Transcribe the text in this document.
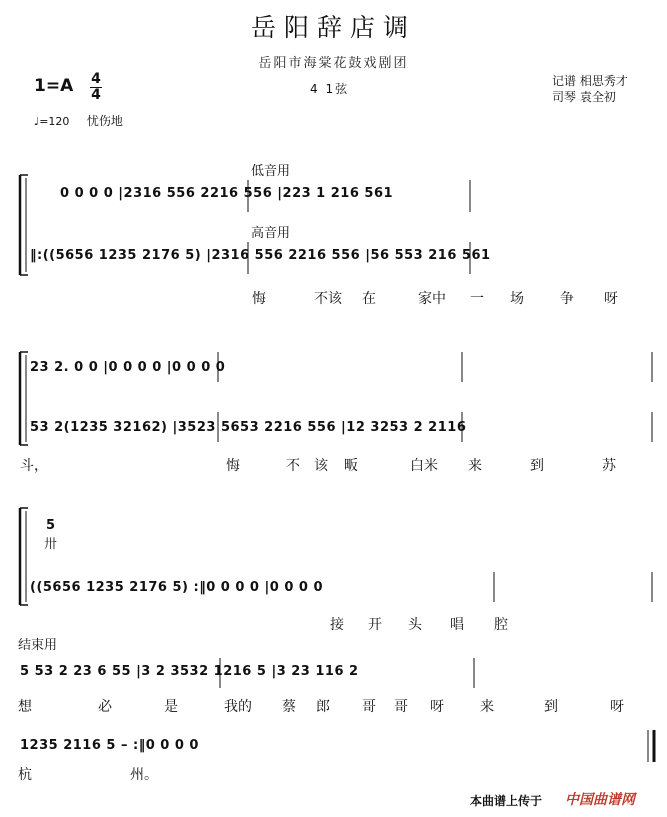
岳阳辞店调
岳阳市海棠花鼓戏剧团
1=A 4
4	4 1弦
记谱 相思秀才
司琴 袁全初
♩=120 忧伤地
低音用
0 0 0 0 |2316 556 2216 556 |223 1 216 561
高音用
‖:((5656 1235 2176 5) |2316 556 2216 556 |56 553 216 561
悔	不该 在	家中 一 场	争 呀
23 2. 0 0 |0 0 0 0 |0 0 0 0
53 2(1235 32162) |3523 5653 2216 556 |12 3253 2 2116
斗，	悔	不 该 畈	白米 来	到	苏
5
卅
((5656 1235 2176 5) :‖0 0 0 0 |0 0 0 0
接 开 头 唱 腔
结束用
5 53 2 23 6 55 |3 2 3532 1216 5 |3 23 116 2
想	必	是	我的 蔡 郎 哥 哥 呀	来	到	呀
1235 2116 5 – :‖0 0 0 0
杭	州。
本曲谱上传于 中国曲谱网
